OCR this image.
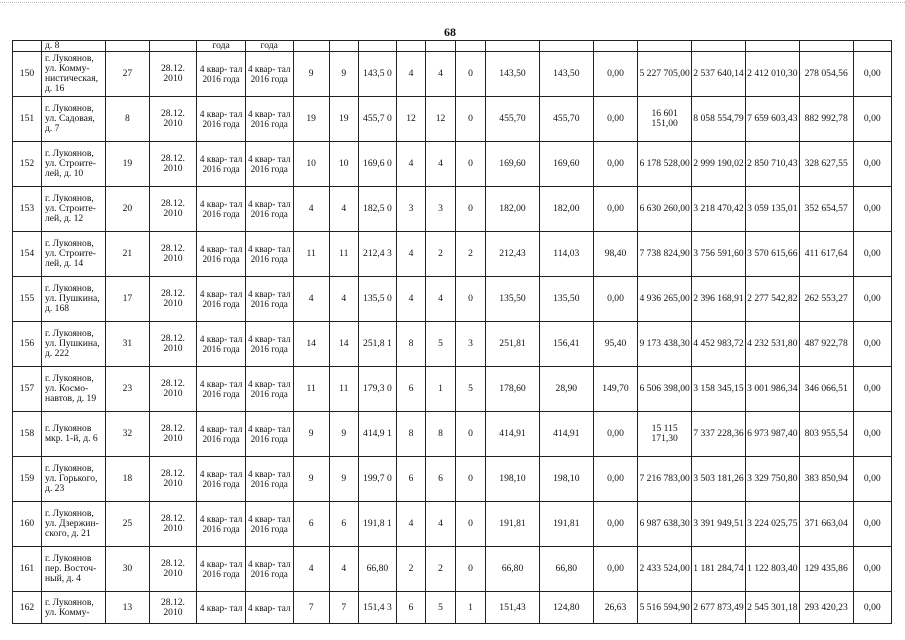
68
	д. 8			года	года														
150	г. Лукоянов, ул. Комму- нистическая, д. 16	27	28.12. 2010	4 квар- тал 2016 года	4 квар- тал 2016 года	9	9	143,5 0	4	4	0	143,50	143,50	0,00	5 227 705,00	2 537 640,14	2 412 010,30	278 054,56	0,00
151	г. Лукоянов, ул. Садовая, д. 7	8	28.12. 2010	4 квар- тал 2016 года	4 квар- тал 2016 года	19	19	455,7 0	12	12	0	455,70	455,70	0,00	16 601 151,00	8 058 554,79	7 659 603,43	882 992,78	0,00
152	г. Лукоянов, ул. Строите- лей, д. 10	19	28.12. 2010	4 квар- тал 2016 года	4 квар- тал 2016 года	10	10	169,6 0	4	4	0	169,60	169,60	0,00	6 178 528,00	2 999 190,02	2 850 710,43	328 627,55	0,00
153	г. Лукоянов, ул. Строите- лей, д. 12	20	28.12. 2010	4 квар- тал 2016 года	4 квар- тал 2016 года	4	4	182,5 0	3	3	0	182,00	182,00	0,00	6 630 260,00	3 218 470,42	3 059 135,01	352 654,57	0,00
154	г. Лукоянов, ул. Строите- лей, д. 14	21	28.12. 2010	4 квар- тал 2016 года	4 квар- тал 2016 года	11	11	212,4 3	4	2	2	212,43	114,03	98,40	7 738 824,90	3 756 591,60	3 570 615,66	411 617,64	0,00
155	г. Лукоянов, ул. Пушкина, д. 168	17	28.12. 2010	4 квар- тал 2016 года	4 квар- тал 2016 года	4	4	135,5 0	4	4	0	135,50	135,50	0,00	4 936 265,00	2 396 168,91	2 277 542,82	262 553,27	0,00
156	г. Лукоянов, ул. Пушкина, д. 222	31	28.12. 2010	4 квар- тал 2016 года	4 квар- тал 2016 года	14	14	251,8 1	8	5	3	251,81	156,41	95,40	9 173 438,30	4 452 983,72	4 232 531,80	487 922,78	0,00
157	г. Лукоянов, ул. Космо- навтов, д. 19	23	28.12. 2010	4 квар- тал 2016 года	4 квар- тал 2016 года	11	11	179,3 0	6	1	5	178,60	28,90	149,70	6 506 398,00	3 158 345,15	3 001 986,34	346 066,51	0,00
158	г. Лукоянов мкр. 1-й, д. 6	32	28.12. 2010	4 квар- тал 2016 года	4 квар- тал 2016 года	9	9	414,9 1	8	8	0	414,91	414,91	0,00	15 115 171,30	7 337 228,36	6 973 987,40	803 955,54	0,00
159	г. Лукоянов, ул. Горького, д. 23	18	28.12. 2010	4 квар- тал 2016 года	4 квар- тал 2016 года	9	9	199,7 0	6	6	0	198,10	198,10	0,00	7 216 783,00	3 503 181,26	3 329 750,80	383 850,94	0,00
160	г. Лукоянов, ул. Дзержин- ского, д. 21	25	28.12. 2010	4 квар- тал 2016 года	4 квар- тал 2016 года	6	6	191,8 1	4	4	0	191,81	191,81	0,00	6 987 638,30	3 391 949,51	3 224 025,75	371 663,04	0,00
161	г. Лукоянов пер. Восточ- ный, д. 4	30	28.12. 2010	4 квар- тал 2016 года	4 квар- тал 2016 года	4	4	66,80	2	2	0	66,80	66,80	0,00	2 433 524,00	1 181 284,74	1 122 803,40	129 435,86	0,00
162	г. Лукоянов, ул. Комму-	13	28.12. 2010	4 квар- тал	4 квар- тал	7	7	151,4 3	6	5	1	151,43	124,80	26,63	5 516 594,90	2 677 873,49	2 545 301,18	293 420,23	0,00
